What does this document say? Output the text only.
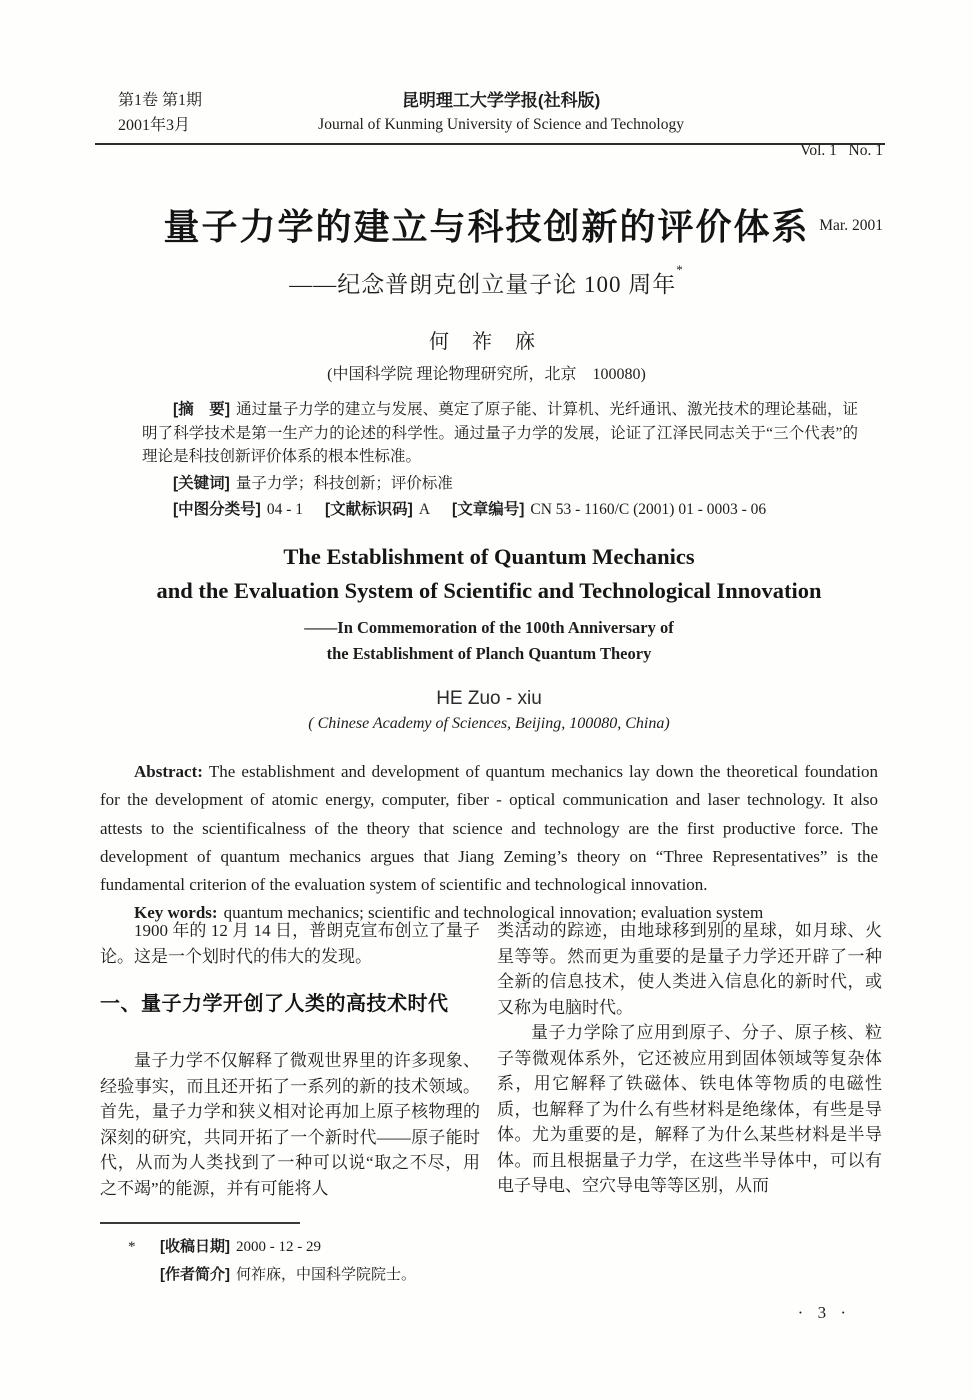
第1卷 第1期
2001年3月
昆明理工大学学报(社科版)
Journal of Kunming University of Science and Technology

Vol. 1   No. 1

Mar. 2001

量子力学的建立与科技创新的评价体系
——纪念普朗克创立量子论 100 周年*
何 祚 庥
(中国科学院 理论物理研究所，北京　100080)

[摘　要] 通过量子力学的建立与发展、奠定了原子能、计算机、光纤通讯、激光技术的理论基础，证明了科学技术是第一生产力的论述的科学性。通过量子力学的发展，论证了江泽民同志关于“三个代表”的理论是科技创新评价体系的根本性标准。

[关键词] 量子力学；科技创新；评价标准

[中图分类号] 04 - 1 [文献标识码] A [文章编号] CN 53 - 1160/C (2001) 01 - 0003 - 06

The Establishment of Quantum Mechanics
and the Evaluation System of Scientific and Technological Innovation
——In Commemoration of the 100th Anniversary of
the Establishment of Planch Quantum Theory
HE Zuo - xiu
( Chinese Academy of Sciences, Beijing, 100080, China)

Abstract: The establishment and development of quantum mechanics lay down the theoretical foundation for the development of atomic energy, computer, fiber - optical communication and laser technology. It also attests to the scientificalness of the theory that science and technology are the first productive force. The development of quantum mechanics argues that Jiang Zeming’s theory on “Three Representatives” is the fundamental criterion of the evaluation system of scientific and technological innovation.

Key words: quantum mechanics; scientific and technological innovation; evaluation system

1900 年的 12 月 14 日，普朗克宣布创立了量子论。这是一个划时代的伟大的发现。

一、量子力学开创了人类的高技术时代

量子力学不仅解释了微观世界里的许多现象、经验事实，而且还开拓了一系列的新的技术领域。首先，量子力学和狭义相对论再加上原子核物理的深刻的研究，共同开拓了一个新时代——原子能时代，从而为人类找到了一种可以说“取之不尽，用之不竭”的能源，并有可能将人

类活动的踪迹，由地球移到别的星球，如月球、火星等等。然而更为重要的是量子力学还开辟了一种全新的信息技术，使人类进入信息化的新时代，或又称为电脑时代。

量子力学除了应用到原子、分子、原子核、粒子等微观体系外，它还被应用到固体领域等复杂体系，用它解释了铁磁体、铁电体等物质的电磁性质，也解释了为什么有些材料是绝缘体，有些是导体。尤为重要的是，解释了为什么某些材料是半导体。而且根据量子力学，在这些半导体中，可以有电子导电、空穴导电等等区别，从而

* [收稿日期] 2000 - 12 - 29
[作者简介] 何祚庥，中国科学院院士。
· 3 ·
